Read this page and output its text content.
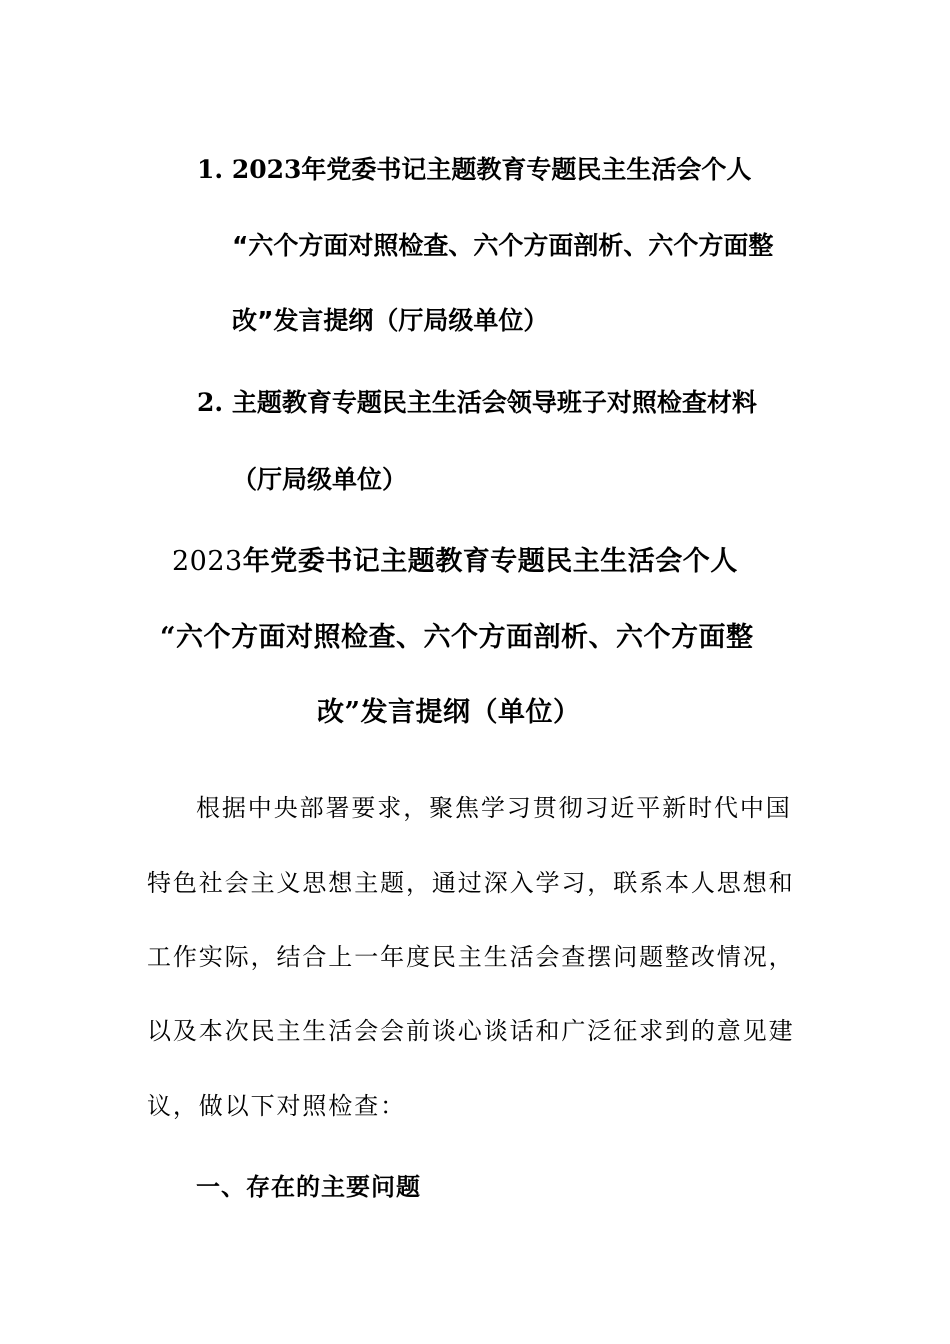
1. 2023年党委书记主题教育专题民主生活会个人
“六个方面对照检查、六个方面剖析、六个方面整
改”发言提纲（厅局级单位）
2. 主题教育专题民主生活会领导班子对照检查材料
（厅局级单位）
2023年党委书记主题教育专题民主生活会个人
“六个方面对照检查、六个方面剖析、六个方面整
改”发言提纲（单位）
根据中央部署要求，聚焦学习贯彻习近平新时代中国
特色社会主义思想主题，通过深入学习，联系本人思想和
工作实际，结合上一年度民主生活会查摆问题整改情况，
以及本次民主生活会会前谈心谈话和广泛征求到的意见建
议，做以下对照检查：
一、存在的主要问题
